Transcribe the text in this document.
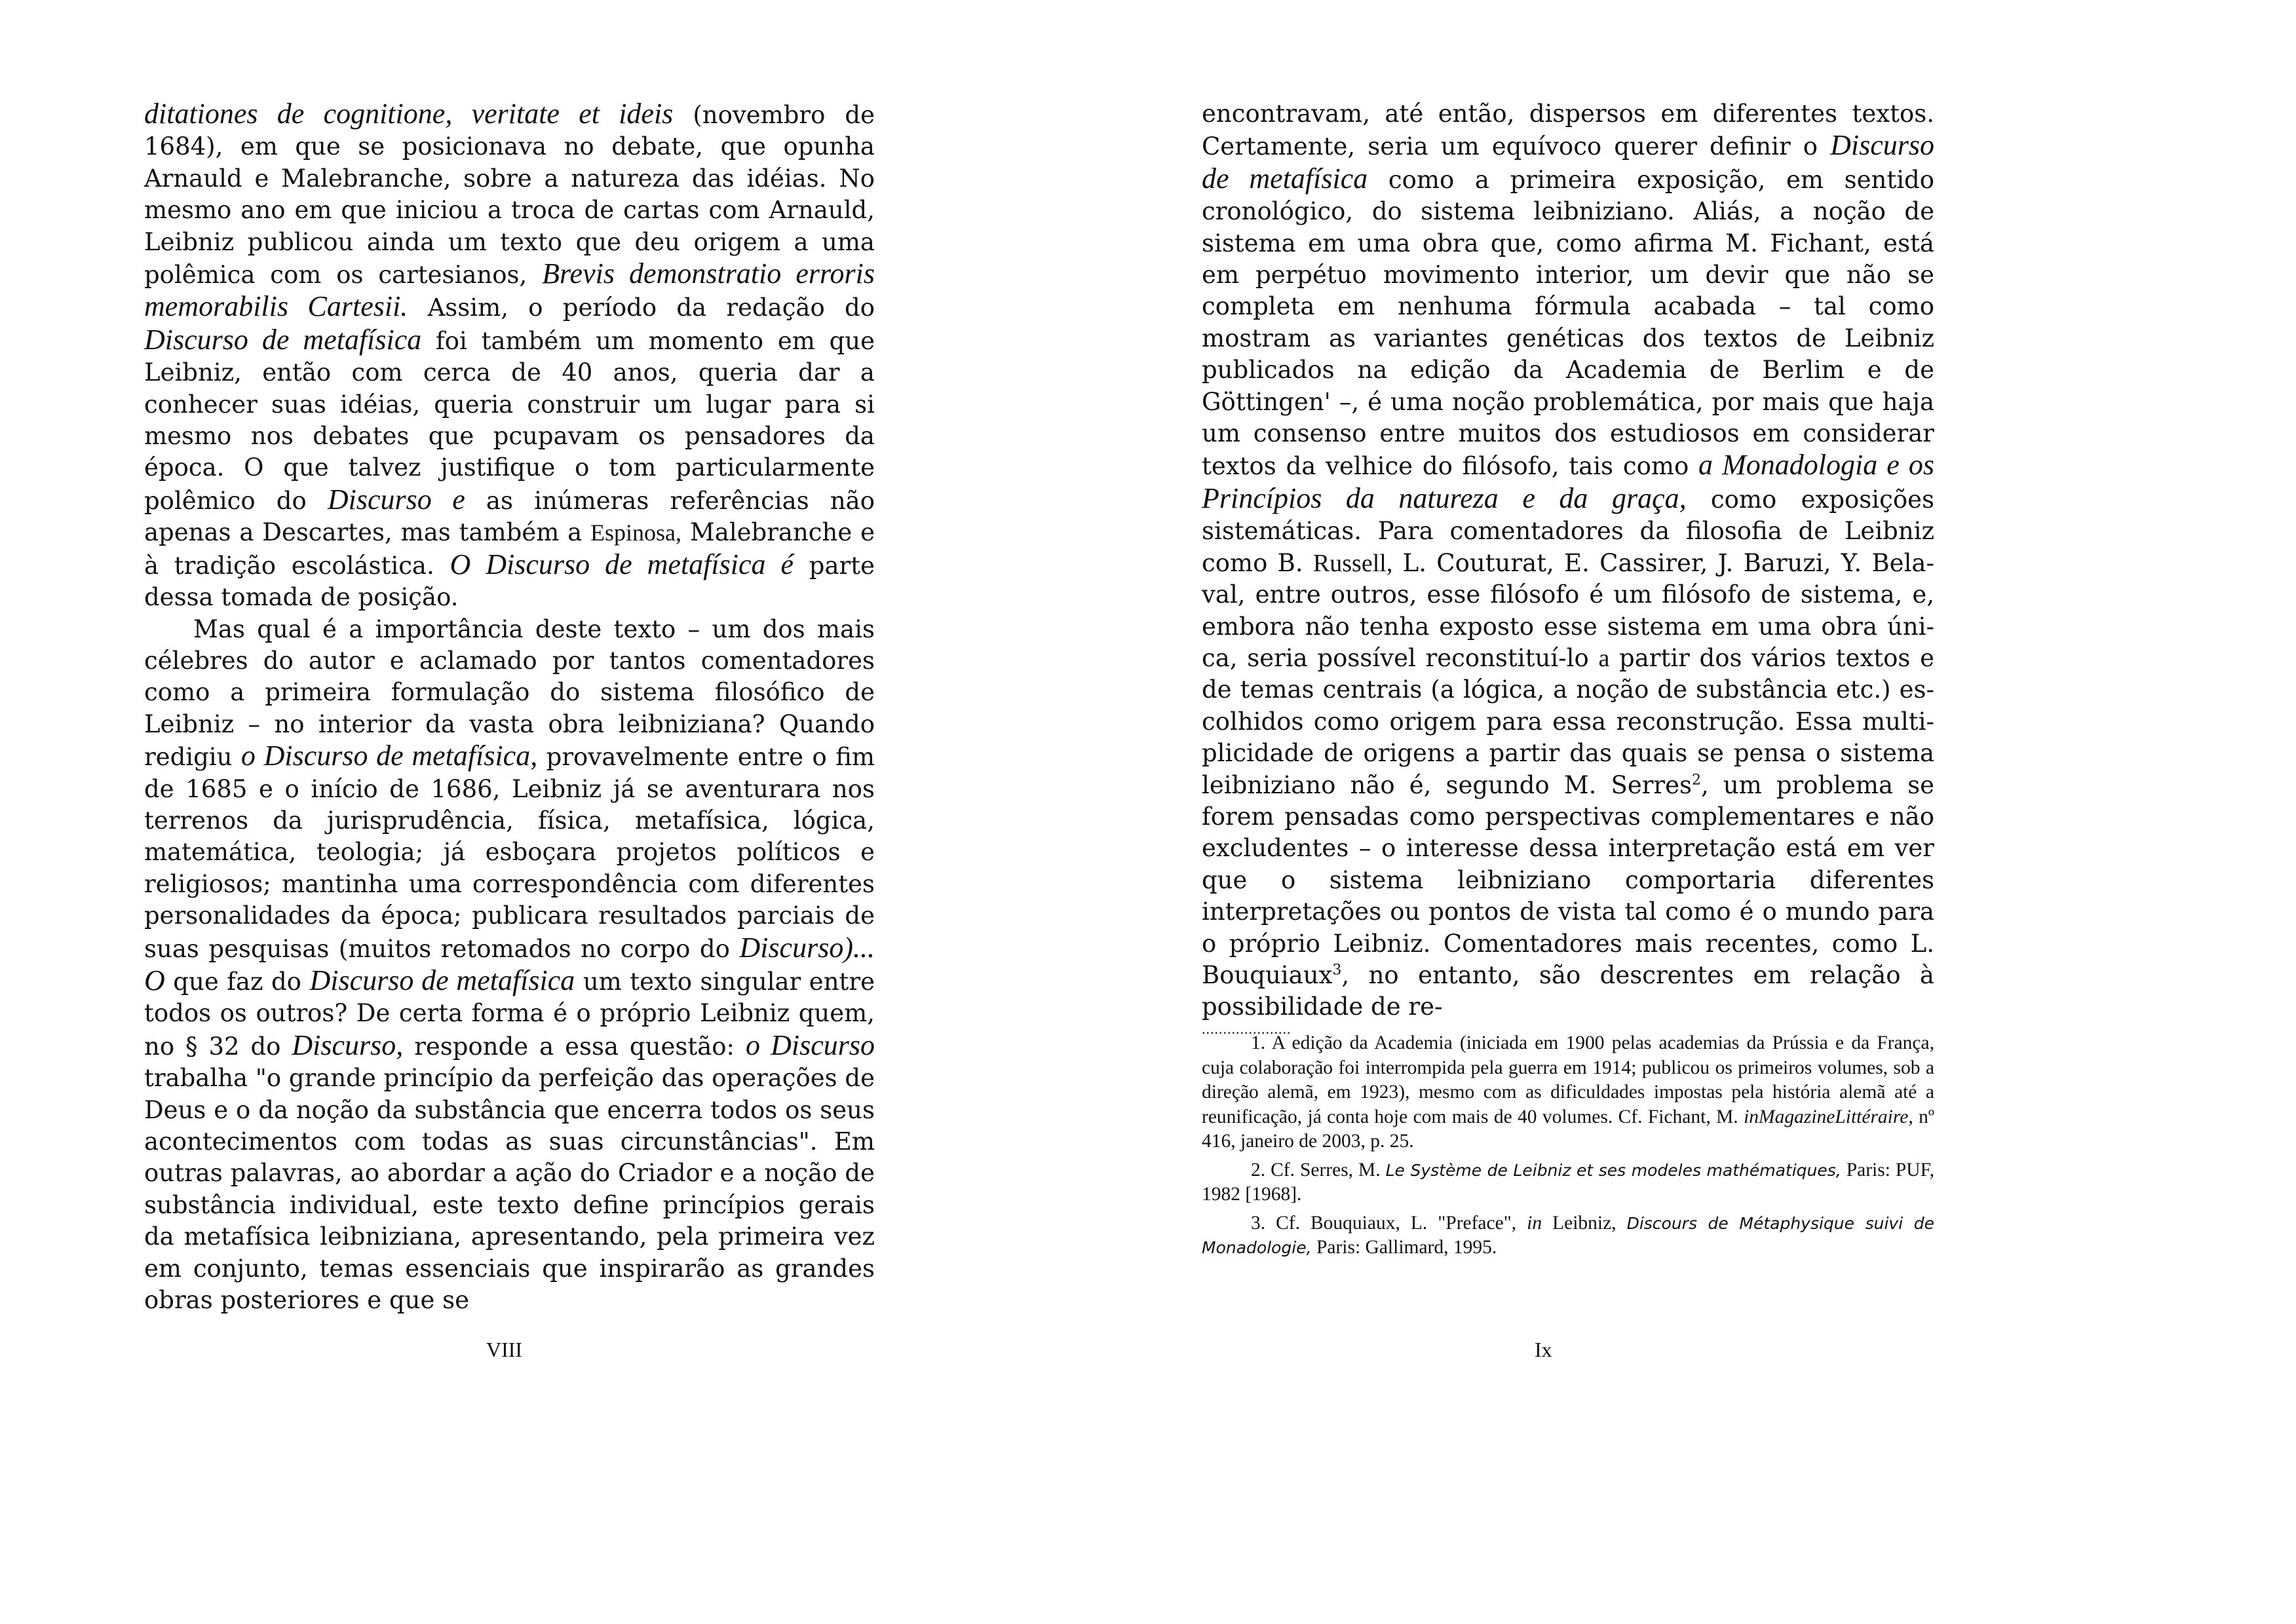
ditationes de cognitione, veritate et ideis (novembro de 1684), em que se posicionava no debate, que opunha Arnauld e Malebranche, sobre a natureza das idéias. No mesmo ano em que iniciou a troca de cartas com Arnauld, Leibniz publicou ainda um texto que deu origem a uma polêmica com os cartesianos, Brevis demonstratio erroris memorabilis Cartesii. Assim, o período da redação do Discurso de metafísica foi também um momento em que Leibniz, então com cerca de 40 anos, queria dar a conhecer suas idéias, queria construir um lugar para si mesmo nos debates que pcupavam os pensadores da época. O que talvez justifique o tom particularmente polêmico do Discurso e as inúmeras referências não apenas a Descartes, mas também a Espinosa, Malebranche e à tradição escolástica. O Discurso de metafísica é parte dessa tomada de posição.

Mas qual é a importância deste texto – um dos mais célebres do autor e aclamado por tantos comentadores como a primeira formulação do sistema filosófico de Leibniz – no interior da vasta obra leibniziana? Quando redigiu o Discurso de metafísica, provavelmente entre o fim de 1685 e o início de 1686, Leibniz já se aventurara nos terrenos da jurisprudência, física, metafísica, lógica, matemática, teologia; já esboçara projetos políticos e religiosos; mantinha uma correspondência com diferentes personalidades da época; publicara resultados parciais de suas pesquisas (muitos retomados no corpo do Discurso)... O que faz do Discurso de metafísica um texto singular entre todos os outros? De certa forma é o próprio Leibniz quem, no § 32 do Discurso, responde a essa questão: o Discurso trabalha "o grande princípio da perfeição das operações de Deus e o da noção da substância que encerra todos os seus acontecimentos com todas as suas circunstâncias". Em outras palavras, ao abordar a ação do Criador e a noção de substância individual, este texto define princípios gerais da metafísica leibniziana, apresentando, pela primeira vez em conjunto, temas essenciais que inspirarão as grandes obras posteriores e que se

VIII

encontravam, até então, dispersos em diferentes textos. Certamente, seria um equívoco querer definir o Discurso de metafísica como a primeira exposição, em sentido cronológico, do sistema leibniziano. Aliás, a noção de sistema em uma obra que, como afirma M. Fichant, está em perpétuo movimento interior, um devir que não se completa em nenhuma fórmula acabada – tal como mostram as variantes genéticas dos textos de Leibniz publicados na edição da Academia de Berlim e de Göttingen' –, é uma noção problemática, por mais que haja um consenso entre muitos dos estudiosos em considerar textos da velhice do filósofo, tais como a Monadologia e os Princípios da natureza e da graça, como exposições sistemáticas. Para comentadores da filosofia de Leibniz como B. Russell, L. Couturat, E. Cassirer, J. Baruzi, Y. Belaval, entre outros, esse filósofo é um filósofo de sistema, e, embora não tenha exposto esse sistema em uma obra única, seria possível reconstituí-lo a partir dos vários textos e de temas centrais (a lógica, a noção de substância etc.) escolhidos como origem para essa reconstrução. Essa multiplicidade de origens a partir das quais se pensa o sistema leibniziano não é, segundo M. Serres$^2$, um problema se forem pensadas como perspectivas complementares e não excludentes – o interesse dessa interpretação está em ver que o sistema leibniziano comportaria diferentes interpretações ou pontos de vista tal como é o mundo para o próprio Leibniz. Comentadores mais recentes, como L. Bouquiaux$^3$, no entanto, são descrentes em relação à possibilidade de re-

.....................

1. A edição da Academia (iniciada em 1900 pelas academias da Prússia e da França, cuja colaboração foi interrompida pela guerra em 1914; publicou os primeiros volumes, sob a direção alemã, em 1923), mesmo com as dificuldades impostas pela história alemã até a reunificação, já conta hoje com mais de 40 volumes. Cf. Fichant, M. inMagazineLittéraire, nº 416, janeiro de 2003, p. 25.

2. Cf. Serres, M. Le Système de Leibniz et ses modeles mathématiques, Paris: PUF, 1982 [1968].

3. Cf. Bouquiaux, L. "Preface", in Leibniz, Discours de Métaphysique suivi de Monadologie, Paris: Gallimard, 1995.

Ix
